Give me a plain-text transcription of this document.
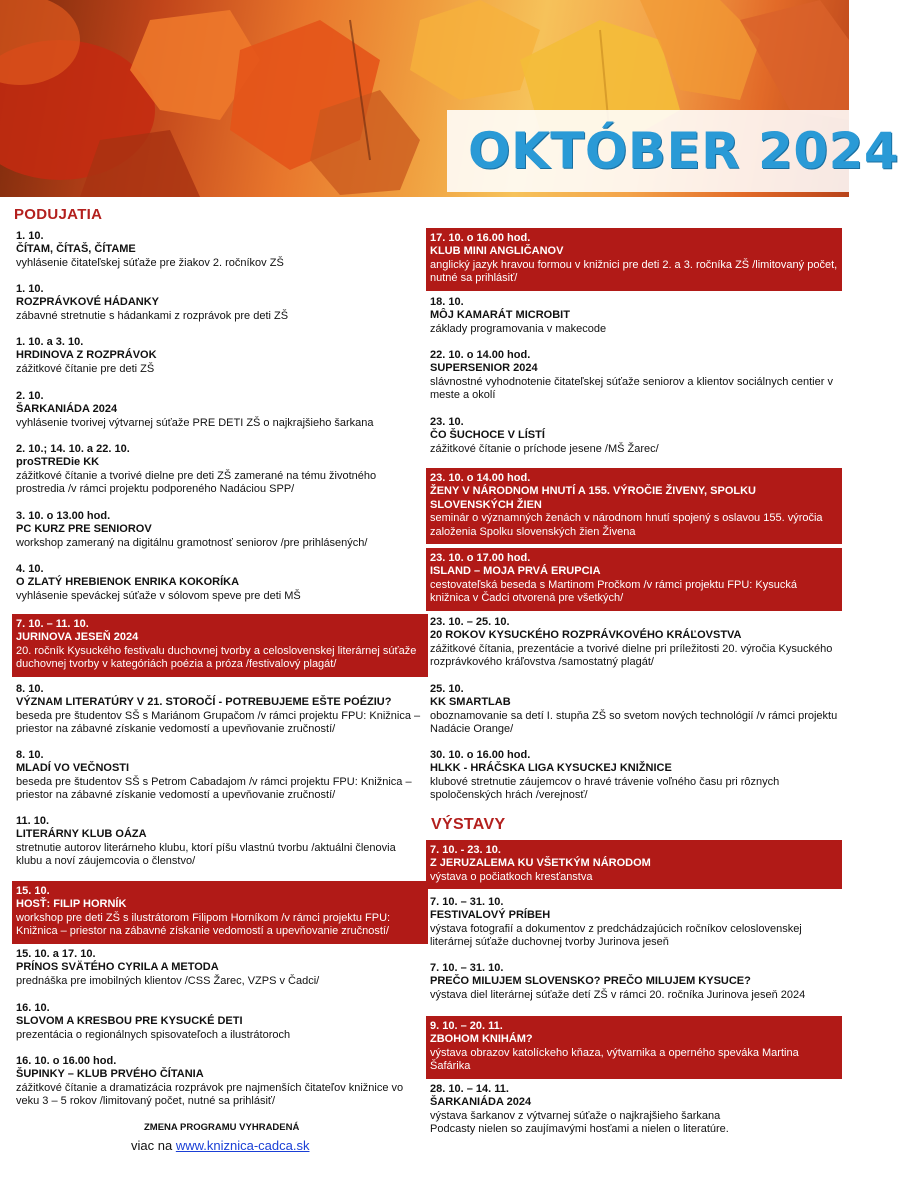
OKTÓBER 2024
PODUJATIA
VÝSTAVY
1. 10.
ČÍTAM, ČÍTAŠ, ČÍTAME
vyhlásenie čitateľskej súťaže pre žiakov 2. ročníkov ZŠ
1. 10.
ROZPRÁVKOVÉ HÁDANKY
zábavné stretnutie s hádankami z rozprávok pre deti ZŠ
1. 10. a 3. 10.
HRDINOVA Z ROZPRÁVOK
zážitkové čítanie pre deti ZŠ
2. 10.
ŠARKANIÁDA 2024
vyhlásenie tvorivej výtvarnej súťaže PRE DETI ZŠ o najkrajšieho šarkana
2. 10.; 14. 10. a 22. 10.
proSTREDie KK
zážitkové čítanie a tvorivé dielne pre deti ZŠ zamerané na tému životného prostredia /v rámci projektu podporeného Nadáciou SPP/
3. 10. o 13.00 hod.
PC KURZ PRE SENIOROV
workshop zameraný na digitálnu gramotnosť seniorov /pre prihlásených/
4. 10.
O ZLATÝ HREBIENOK ENRIKA KOKORÍKA
vyhlásenie speváckej súťaže v sólovom speve pre deti MŠ
7. 10. – 11. 10.
JURINOVA JESEŇ 2024
20. ročník Kysuckého festivalu duchovnej tvorby a celoslovenskej literárnej súťaže duchovnej tvorby v kategóriách poézia a próza /festivalový plagát/
8. 10.
VÝZNAM LITERATÚRY V 21. STOROČÍ - POTREBUJEME EŠTE POÉZIU?
beseda pre študentov SŠ s Mariánom Grupačom /v rámci projektu FPU: Knižnica – priestor na zábavné získanie vedomostí a upevňovanie zručností/
8. 10.
MLADÍ VO VEČNOSTI
beseda pre študentov SŠ s Petrom Cabadajom /v rámci projektu FPU: Knižnica – priestor na zábavné získanie vedomostí a upevňovanie zručností/
11. 10.
LITERÁRNY KLUB OÁZA
stretnutie autorov literárneho klubu, ktorí píšu vlastnú tvorbu /aktuálni členovia klubu a noví záujemcovia o členstvo/
15. 10.
HOSŤ: FILIP HORNÍK
workshop pre deti ZŠ s ilustrátorom Filipom Horníkom /v rámci projektu FPU: Knižnica – priestor na zábavné získanie vedomostí a upevňovanie zručností/
15. 10. a 17. 10.
PRÍNOS SVÄTÉHO CYRILA A METODA
prednáška pre imobilných klientov /CSS Žarec, VZPS v Čadci/
16. 10.
SLOVOM A KRESBOU PRE KYSUCKÉ DETI
prezentácia o regionálnych spisovateľoch a ilustrátoroch
16. 10. o 16.00 hod.
ŠUPINKY – KLUB PRVÉHO ČÍTANIA
zážitkové čítanie a dramatizácia rozprávok pre najmenších čitateľov knižnice vo veku 3 – 5 rokov /limitovaný počet, nutné sa prihlásiť/
17. 10. o 16.00 hod.
KLUB MINI ANGLIČANOV
anglický jazyk hravou formou v knižnici pre deti 2. a 3. ročníka ZŠ /limitovaný počet, nutné sa prihlásiť/
18. 10.
MÔJ KAMARÁT MICROBIT
základy programovania v makecode
22. 10. o 14.00 hod.
SUPERSENIOR 2024
slávnostné vyhodnotenie čitateľskej súťaže seniorov a klientov sociálnych centier v meste a okolí
23. 10.
ČO ŠUCHOCE V LÍSTÍ
zážitkové čítanie o príchode jesene /MŠ Žarec/
23. 10. o 14.00 hod.
ŽENY V NÁRODNOM HNUTÍ A 155. VÝROČIE ŽIVENY, SPOLKU SLOVENSKÝCH ŽIEN
seminár o významných ženách v národnom hnutí spojený s oslavou 155. výročia založenia Spolku slovenských žien Živena
23. 10. o 17.00 hod.
ISLAND – MOJA PRVÁ ERUPCIA
cestovateľská beseda s Martinom Pročkom /v rámci projektu FPU: Kysucká knižnica v Čadci otvorená pre všetkých/
23. 10. – 25. 10.
20 ROKOV KYSUCKÉHO ROZPRÁVKOVÉHO KRÁĽOVSTVA
zážitkové čítania, prezentácie a tvorivé dielne pri príležitosti 20. výročia Kysuckého rozprávkového kráľovstva /samostatný plagát/
25. 10.
KK SMARTLAB
oboznamovanie sa detí I. stupňa ZŠ so svetom nových technológií /v rámci projektu Nadácie Orange/
30. 10. o 16.00 hod.
HLKK - HRÁČSKA LIGA KYSUCKEJ KNIŽNICE
klubové stretnutie záujemcov o hravé trávenie voľného času pri rôznych spoločenských hrách /verejnosť/
7. 10. - 23. 10.
Z JERUZALEMA KU VŠETKÝM NÁRODOM
výstava o počiatkoch kresťanstva
7. 10. – 31. 10.
FESTIVALOVÝ PRÍBEH
výstava fotografií a dokumentov z predchádzajúcich ročníkov celoslovenskej literárnej súťaže duchovnej tvorby Jurinova jeseň
7. 10. – 31. 10.
PREČO MILUJEM SLOVENSKO? PREČO MILUJEM KYSUCE?
výstava diel literárnej súťaže detí ZŠ v rámci 20. ročníka Jurinova jeseň 2024
9. 10. – 20. 11.
ZBOHOM KNIHÁM?
výstava obrazov katolíckeho kňaza, výtvarnika a operného speváka Martina Šafárika
28. 10. – 14. 11.
ŠARKANIÁDA 2024
výstava šarkanov z výtvarnej súťaže o najkrajšieho šarkana
Podcasty nielen so zaujímavými hosťami a nielen o literatúre.
ZMENA PROGRAMU VYHRADENÁ
viac na www.kniznica-cadca.sk
